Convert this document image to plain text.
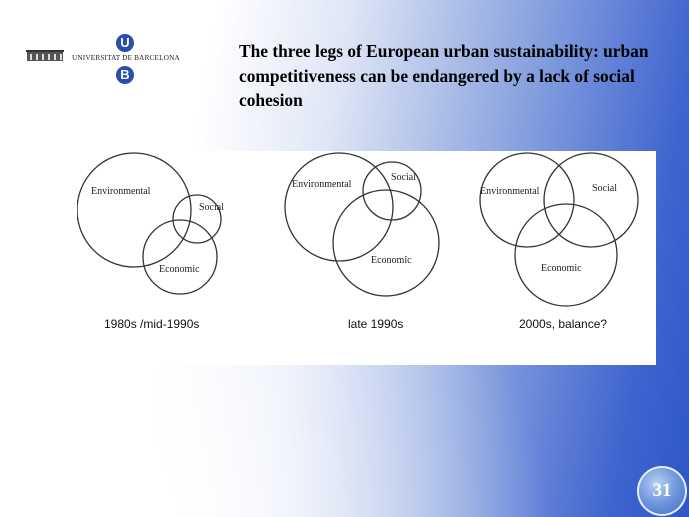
UNIVERSITAT DE BARCELONA
U
B
The three legs of European urban sustainability: urban competitiveness can be endangered by a lack of social cohesion
Environmental
Social
Economic
Environmental
Social
Economic
Environmental	Social
Economic
1980s /mid-1990s	late 1990s	2000s, balance?
31
